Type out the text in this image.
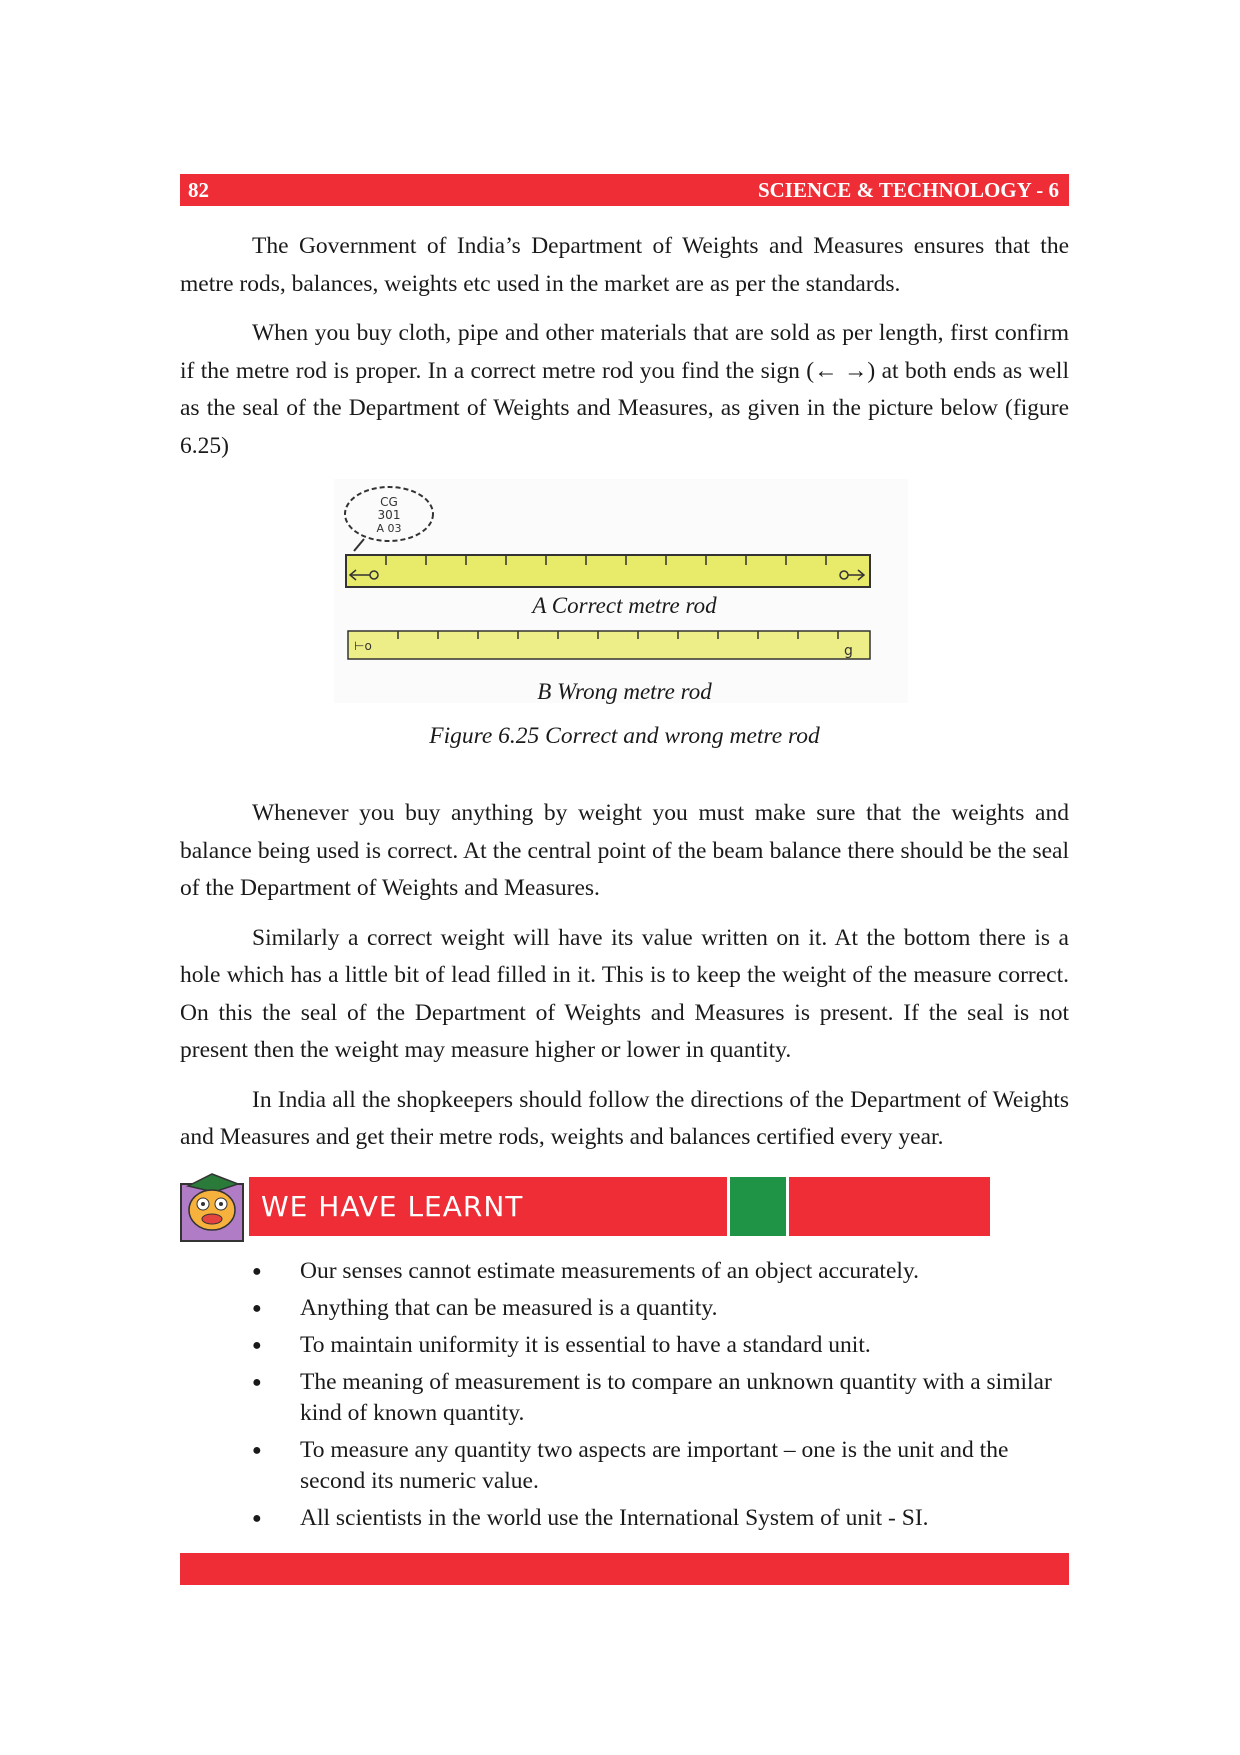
82	SCIENCE & TECHNOLOGY - 6

The Government of India’s Department of Weights and Measures ensures that the metre rods, balances, weights etc used in the market are as per the standards.

When you buy cloth, pipe and other materials that are sold as per length, first confirm if the metre rod is proper. In a correct metre rod you find the sign (← →) at both ends as well as the seal of the Department of Weights and Measures, as given in the picture below (figure 6.25)

CG
301
A 03
⊢o	g
A Correct metre rod
B Wrong metre rod
Figure 6.25 Correct and wrong metre rod

Whenever you buy anything by weight you must make sure that the weights and balance being used is correct. At the central point of the beam balance there should be the seal of the Department of Weights and Measures.

Similarly a correct weight will have its value written on it. At the bottom there is a hole which has a little bit of lead filled in it. This is to keep the weight of the measure correct. On this the seal of the Department of Weights and Measures is present. If the seal is not present then the weight may measure higher or lower in quantity.

In India all the shopkeepers should follow the directions of the Department of Weights and Measures and get their metre rods, weights and balances certified every year.

WE HAVE LEARNT
● Our senses cannot estimate measurements of an object accurately.
● Anything that can be measured is a quantity.
● To maintain uniformity it is essential to have a standard unit.
● The meaning of measurement is to compare an unknown quantity with a similar kind of known quantity.
● To measure any quantity two aspects are important – one is the unit and the second its numeric value.
● All scientists in the world use the International System of unit - SI.
